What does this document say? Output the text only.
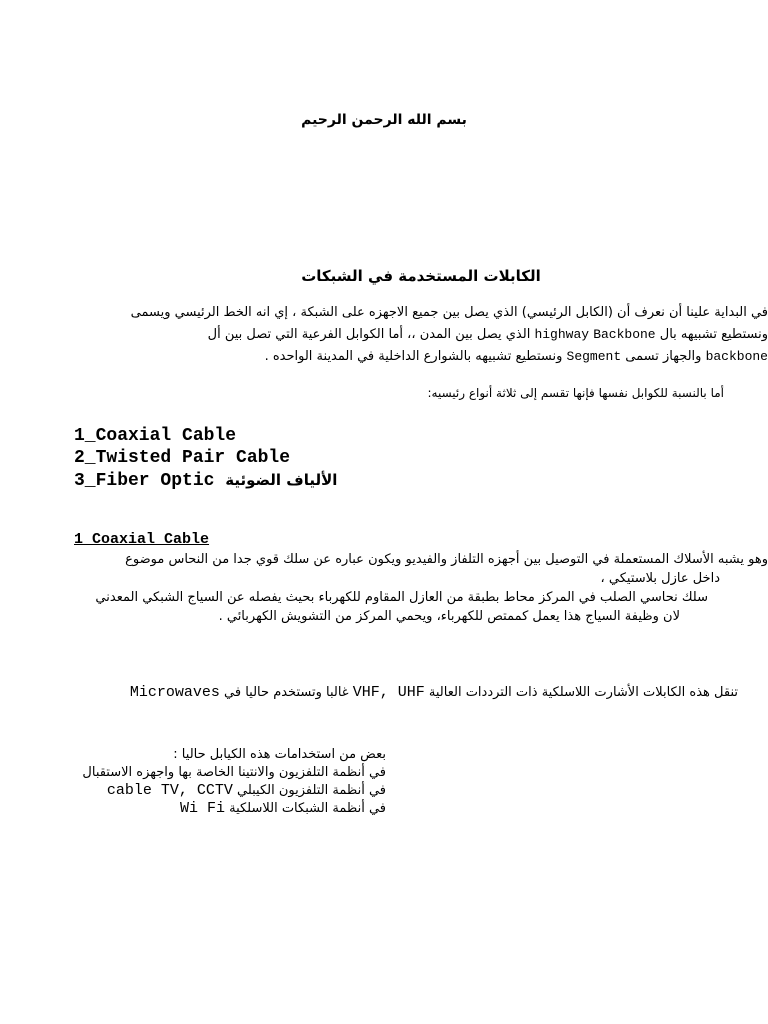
بسم الله الرحمن الرحيم
الكابلات المستخدمة في الشبكات
في البداية علينا أن نعرف أن (الكابل الرئيسي) الذي يصل بين جميع الاجهزه على الشبكة ، إي انه الخط الرئيسي ويسمى
ونستطيع تشبيهه بال Backbone highway الذي يصل بين المدن ،، أما الكوابل الفرعية التي تصل بين أل
backbone والجهاز تسمى Segment ونستطيع تشبيهه بالشوارع الداخلية في المدينة الواحده .
أما بالنسبة للكوابل نفسها فإنها تقسم إلى ثلاثة أنواع رئيسيه:
1_Coaxial Cable
2_Twisted Pair Cable
3_Fiber Optic الألياف الضوئية
1 Coaxial Cable
وهو يشبه الأسلاك المستعملة في التوصيل بين أجهزه التلفاز والفيديو ويكون عباره عن سلك قوي جدا من النحاس موضوع
داخل عازل بلاستيكي ،
سلك نحاسي الصلب في المركز محاط بطبقة من العازل المقاوم للكهرباء بحيث يفصله عن السياج الشبكي المعدني
لان وظيفة السياج هذا يعمل كممتص للكهرباء، ويحمي المركز من التشويش الكهربائي .
تنقل هذه الكابلات الأشارت اللاسلكية ذات الترددات العالية VHF, UHF غالبا وتستخدم حاليا في Microwaves
بعض من استخدامات هذه الكيابل حاليا :
في أنظمة التلفزيون والانتينا الخاصة بها واجهزه الاستقبال
في أنظمة التلفزيون الكيبلي cable TV, CCTV
في أنظمة الشبكات اللاسلكية Wi Fi
